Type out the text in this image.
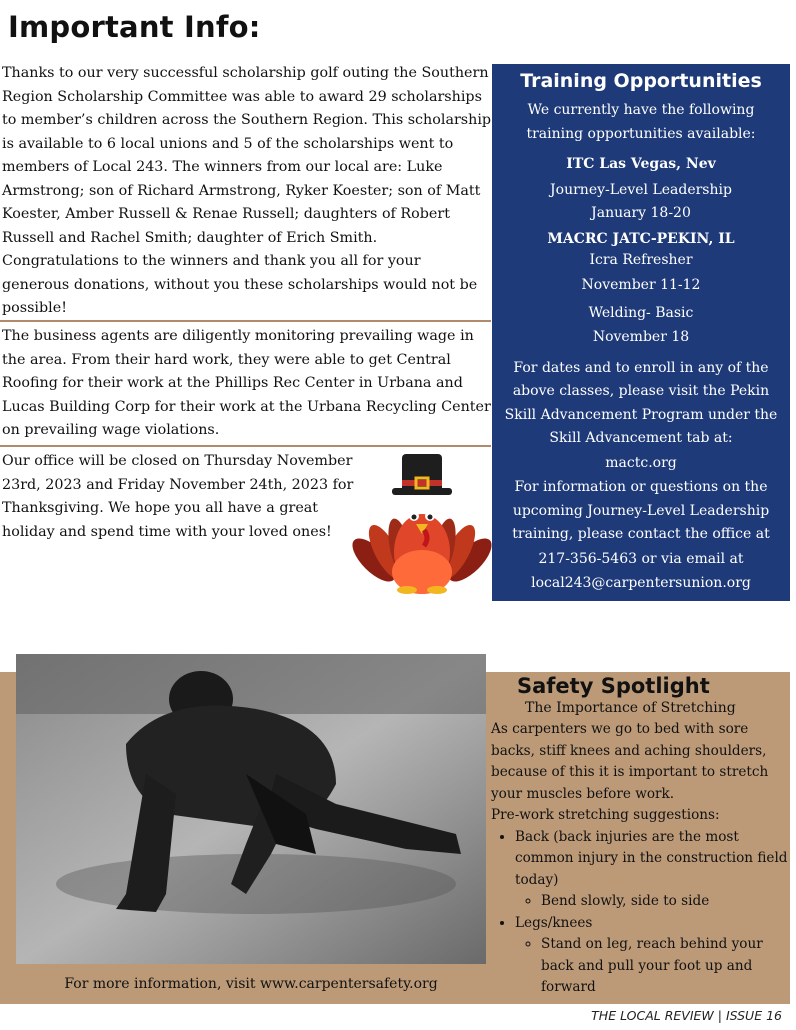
Important Info:
Thanks to our very successful scholarship golf outing the Southern Region Scholarship Committee was able to award 29 scholarships to member’s children across the Southern Region. This scholarship is available to 6 local unions and 5 of the scholarships went to members of Local 243. The winners from our local are: Luke Armstrong; son of Richard Armstrong, Ryker Koester; son of Matt Koester, Amber Russell & Renae Russell; daughters of Robert Russell and Rachel Smith; daughter of Erich Smith. Congratulations to the winners and thank you all for your generous donations, without you these scholarships would not be possible!
The business agents are diligently monitoring prevailing wage in the area. From their hard work, they were able to get Central Roofing for their work at the Phillips Rec Center in Urbana and Lucas Building Corp for their work at the Urbana Recycling Center on prevailing wage violations.
Our office will be closed on Thursday November 23rd, 2023 and Friday November 24th, 2023 for Thanksgiving. We hope you all have a great holiday and spend time with your loved ones!
Training Opportunities
We currently have the following training opportunities available:
ITC Las Vegas, Nev
Journey-Level Leadership
January 18-20
MACRC JATC-PEKIN, IL
Icra Refresher
November 11-12
Welding- Basic
November 18
For dates and to enroll in any of the above classes, please visit the Pekin Skill Advancement Program under the Skill Advancement tab at:
mactc.org
For information or questions on the upcoming Journey-Level Leadership training, please contact the office at
217-356-5463 or via email at
local243@carpentersunion.org
For more information, visit www.carpentersafety.org
Safety Spotlight
The Importance of Stretching
As carpenters we go to bed with sore backs, stiff knees and aching shoulders, because of this it is important to stretch your muscles before work.
Pre-work stretching suggestions:
• Back (back injuries are the most common injury in the construction field today)
◦ Bend slowly, side to side
• Legs/knees
◦ Stand on leg, reach behind your back and pull your foot up and forward
THE LOCAL REVIEW | ISSUE 16
